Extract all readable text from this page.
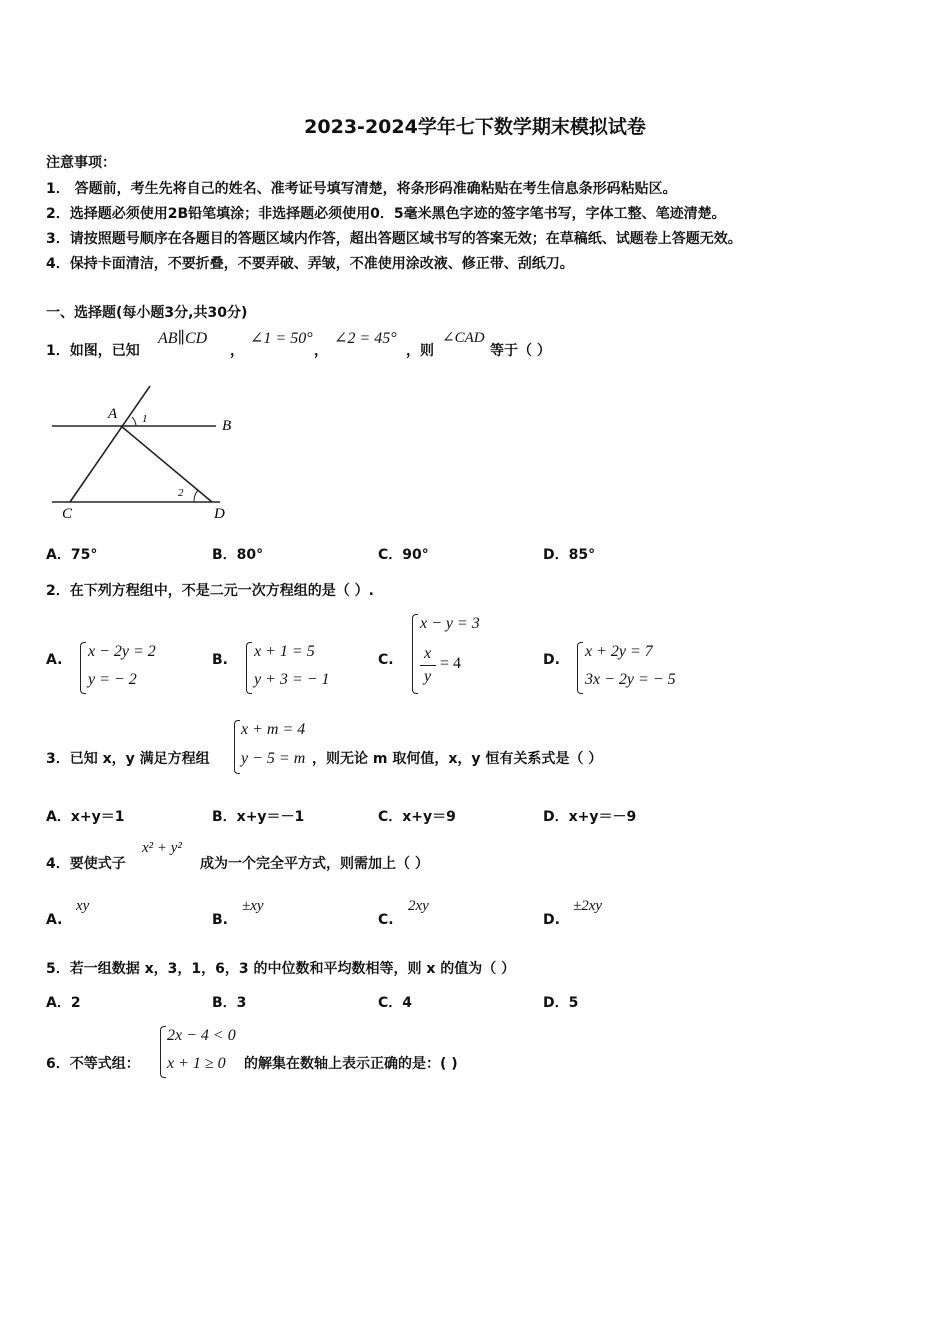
2023-2024学年七下数学期末模拟试卷
注意事项：
1． 答题前，考生先将自己的姓名、准考证号填写清楚，将条形码准确粘贴在考生信息条形码粘贴区。
2．选择题必须使用2B铅笔填涂；非选择题必须使用0．5毫米黑色字迹的签字笔书写，字体工整、笔迹清楚。
3．请按照题号顺序在各题目的答题区域内作答，超出答题区域书写的答案无效；在草稿纸、试题卷上答题无效。
4．保持卡面清洁，不要折叠，不要弄破、弄皱，不准使用涂改液、修正带、刮纸刀。
一、选择题(每小题3分,共30分)
1．如图，已知
AB∥CD
，
∠1 = 50°
，
∠2 = 45°
，则
∠CAD
等于（ ）
A
B
C	D
1
2
A．75°	B．80°	C．90°	D．85°
2．在下列方程组中，不是二元一次方程组的是（ ）.
A. x − 2y = 2
y = − 2
B. x + 1 = 5
y + 3 = − 1
C.
x − y = 3
x
y
= 4	D. x + 2y = 7
3x − 2y = − 5
3．已知 x，y 满足方程组
x + m = 4
y − 5 = m ，则无论 m 取何值，x，y 恒有关系式是（ ）
A．x+y＝1	B．x+y＝－1	C．x+y＝9	D．x+y＝－9
4．要使式子
x² + y²
成为一个完全平方式，则需加上（ ）
A.
xy
B.
±xy
C.
2xy
D.
±2xy
5．若一组数据 x，3，1，6，3 的中位数和平均数相等，则 x 的值为（ ）
A．2	B．3	C．4	D．5
6．不等式组：
2x − 4 < 0
x + 1 ≥ 0 的解集在数轴上表示正确的是：( )
